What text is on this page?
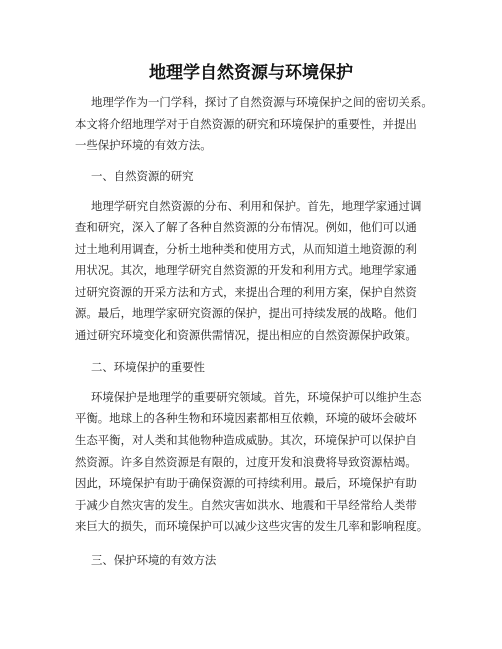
地理学自然资源与环境保护
地理学作为一门学科，探讨了自然资源与环境保护之间的密切关系。
本文将介绍地理学对于自然资源的研究和环境保护的重要性，并提出
一些保护环境的有效方法。
一、自然资源的研究
地理学研究自然资源的分布、利用和保护。首先，地理学家通过调
查和研究，深入了解了各种自然资源的分布情况。例如，他们可以通
过土地利用调查，分析土地种类和使用方式，从而知道土地资源的利
用状况。其次，地理学研究自然资源的开发和利用方式。地理学家通
过研究资源的开采方法和方式，来提出合理的利用方案，保护自然资
源。最后，地理学家研究资源的保护，提出可持续发展的战略。他们
通过研究环境变化和资源供需情况，提出相应的自然资源保护政策。
二、环境保护的重要性
环境保护是地理学的重要研究领域。首先，环境保护可以维护生态
平衡。地球上的各种生物和环境因素都相互依赖，环境的破坏会破坏
生态平衡，对人类和其他物种造成威胁。其次，环境保护可以保护自
然资源。许多自然资源是有限的，过度开发和浪费将导致资源枯竭。
因此，环境保护有助于确保资源的可持续利用。最后，环境保护有助
于减少自然灾害的发生。自然灾害如洪水、地震和干旱经常给人类带
来巨大的损失，而环境保护可以减少这些灾害的发生几率和影响程度。
三、保护环境的有效方法
